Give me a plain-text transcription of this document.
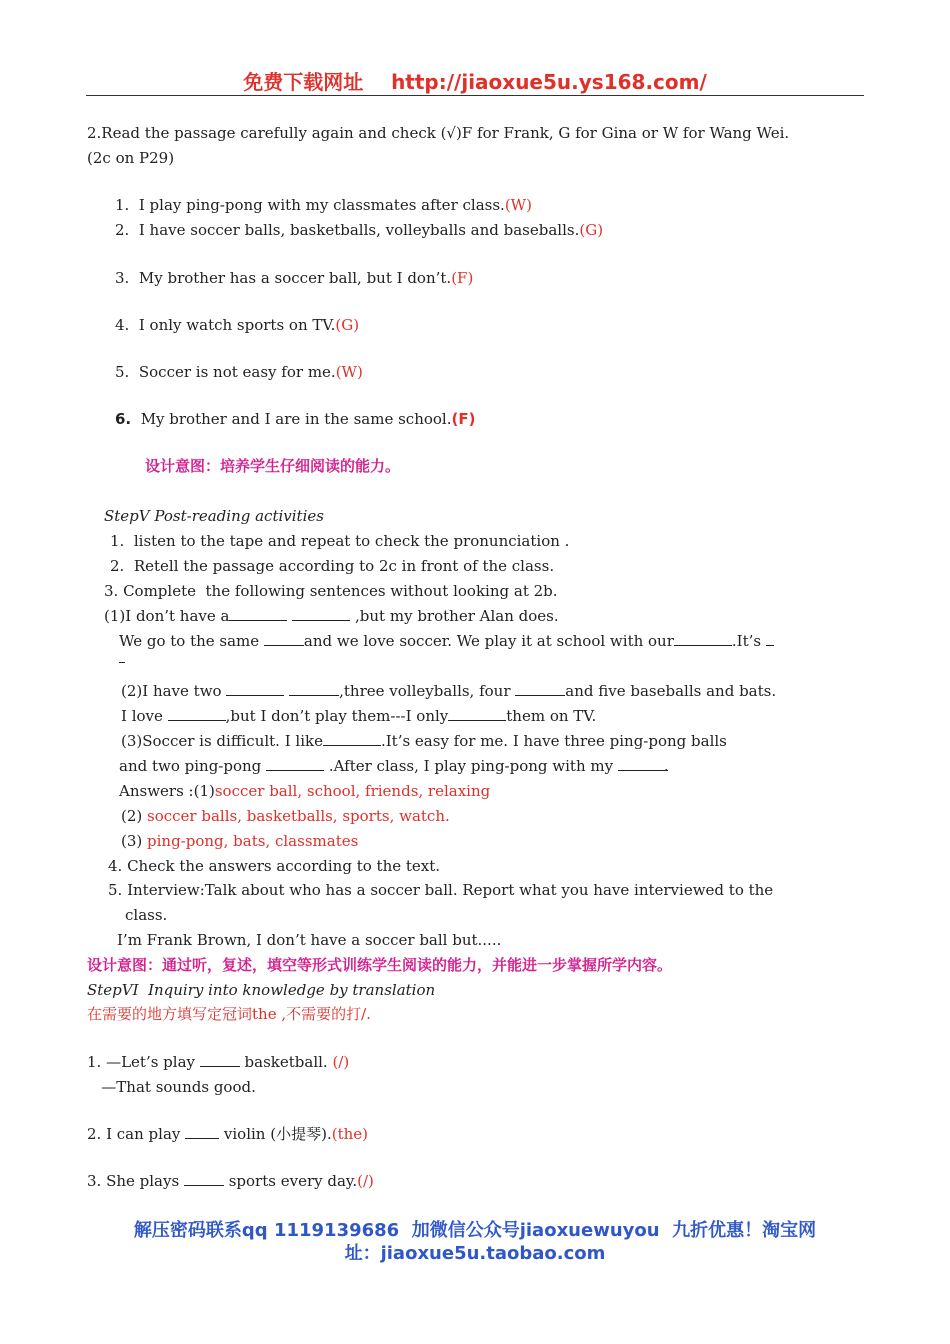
免费下载网址 http://jiaoxue5u.ys168.com/
2.Read the passage carefully again and check (√)F for Frank, G for Gina or W for Wang Wei.
(2c on P29)
1. I play ping-pong with my classmates after class.(W)
2. I have soccer balls, basketballs, volleyballs and baseballs.(G)
3. My brother has a soccer ball, but I don’t.(F)
4. I only watch sports on TV.(G)
5. Soccer is not easy for me.(W)
6. My brother and I are in the same school.(F)
设计意图：培养学生仔细阅读的能力。
StepV Post-reading activities
1.  listen to the tape and repeat to check the pronunciation .
2.  Retell the passage according to 2c in front of the class.
3. Complete  the following sentences without looking at 2b.
(1)I don’t have a	,but my brother Alan does.
We go to the same	and we love soccer. We play it at school with our	.It’s
(2)I have two	,three volleyballs, four	and five baseballs and bats.
I love	,but I don’t play them---I only	them on TV.
(3)Soccer is difficult. I like	.It’s easy for me. I have three ping-pong balls
and two ping-pong	.After class, I play ping-pong with my	.
Answers :(1)soccer ball, school, friends, relaxing
(2) soccer balls, basketballs, sports, watch.
(3) ping-pong, bats, classmates
4. Check the answers according to the text.
5. Interview:Talk about who has a soccer ball. Report what you have interviewed to the
class.
I’m Frank Brown, I don’t have a soccer ball but.....
设计意图：通过听，复述，填空等形式训练学生阅读的能力，并能进一步掌握所学内容。
StepVI  Inquiry into knowledge by translation
在需要的地方填写定冠词the ,不需要的打/.
1. —Let’s play	basketball. (/)
—That sounds good.
2. I can play  violin (小提琴).(the)
3. She plays	sports every day.(/)
解压密码联系qq 1119139686  加微信公众号jiaoxuewuyou  九折优惠！淘宝网
址：jiaoxue5u.taobao.com
